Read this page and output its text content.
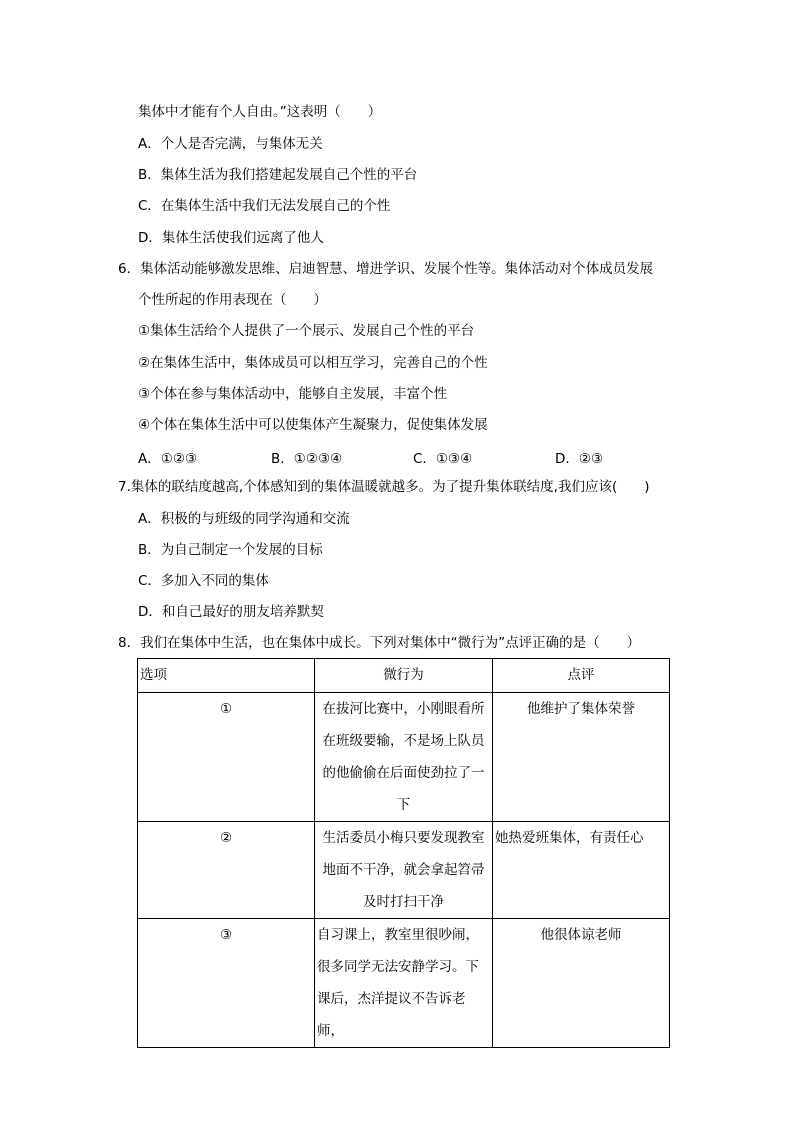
集体中才能有个人自由。”这表明（　　）
A．个人是否完满，与集体无关
B．集体生活为我们搭建起发展自己个性的平台
C．在集体生活中我们无法发展自己的个性
D．集体生活使我们远离了他人
6．集体活动能够激发思维、启迪智慧、增进学识、发展个性等。集体活动对个体成员发展
个性所起的作用表现在（　　）
①集体生活给个人提供了一个展示、发展自己个性的平台
②在集体生活中，集体成员可以相互学习，完善自己的个性
③个体在参与集体活动中，能够自主发展，丰富个性
④个体在集体生活中可以使集体产生凝聚力，促使集体发展
A．①②③	B．①②③④	C．①③④	D．②③
7.集体的联结度越高,个体感知到的集体温暖就越多。为了提升集体联结度,我们应该(　　)
A．积极的与班级的同学沟通和交流
B．为自己制定一个发展的目标
C．多加入不同的集体
D．和自己最好的朋友培养默契
8．我们在集体中生活，也在集体中成长。下列对集体中“微行为”点评正确的是（　　）
选项	微行为	点评
①	在拔河比赛中，小刚眼看所
在班级要输，不是场上队员
的他偷偷在后面使劲拉了一
下	他维护了集体荣誉
②	生活委员小梅只要发现教室
地面不干净，就会拿起笤帚
及时打扫干净	她热爱班集体，有责任心
③	自习课上，教室里很吵闹，
很多同学无法安静学习。下
课后，杰洋提议不告诉老师，	他很体谅老师
